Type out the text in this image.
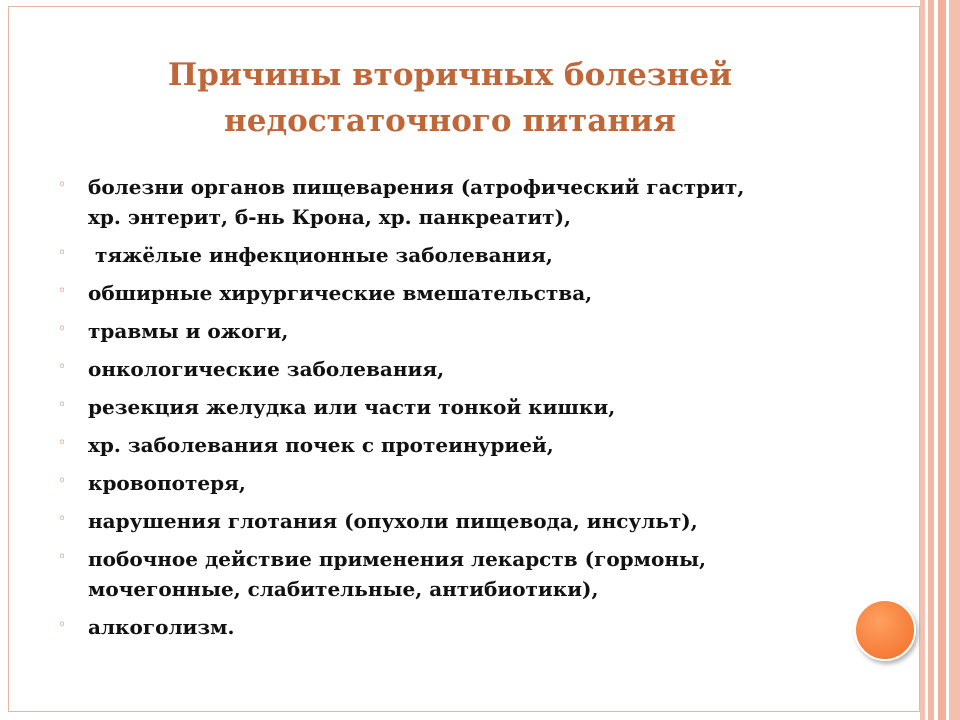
Причины вторичных болезней
недостаточного питания
◦ болезни органов пищеварения (атрофический гастрит,
хр. энтерит, б-нь Крона, хр. панкреатит),
◦ тяжёлые инфекционные заболевания,
◦ обширные хирургические вмешательства,
◦ травмы и ожоги,
◦ онкологические заболевания,
◦ резекция желудка или части тонкой кишки,
◦ хр. заболевания почек с протеинурией,
◦ кровопотеря,
◦ нарушения глотания (опухоли пищевода, инсульт),
◦ побочное действие применения лекарств (гормоны,
мочегонные, слабительные, антибиотики),
◦ алкоголизм.
